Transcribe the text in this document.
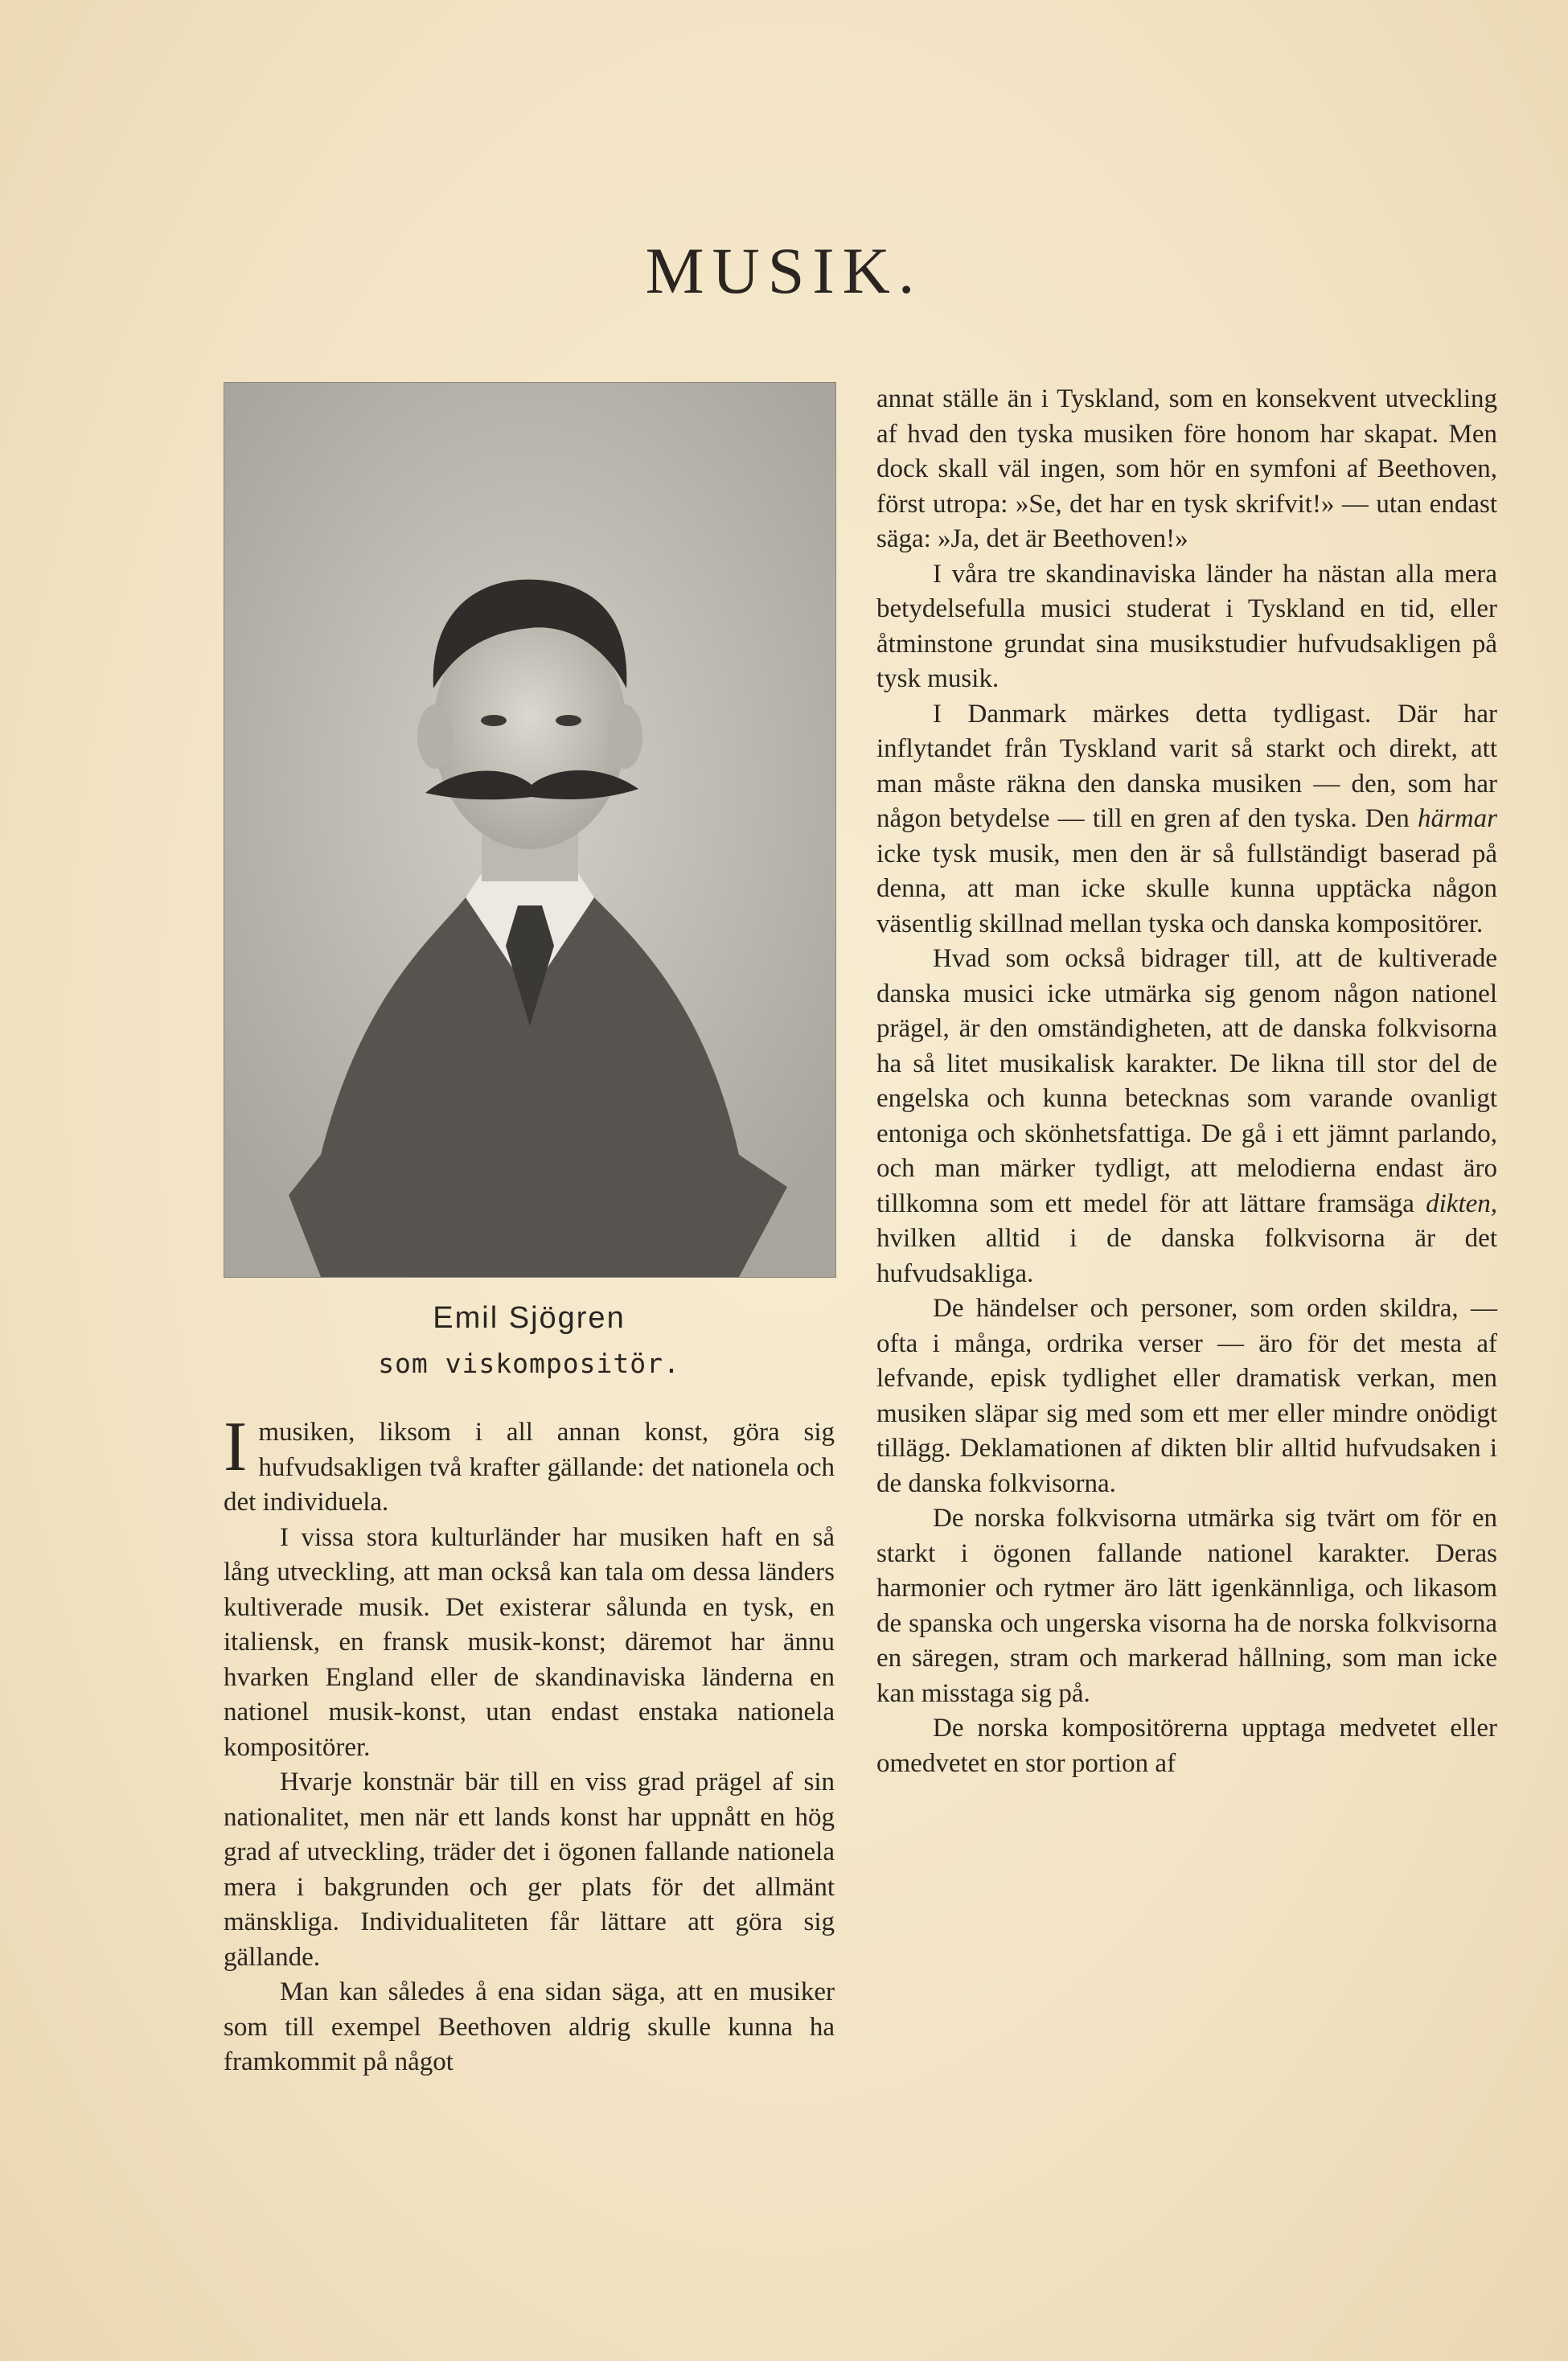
MUSIK.
Emil Sjögren
som viskompositör.

Imusiken, liksom i all annan konst, göra sig hufvudsakligen två krafter gällande: det nationela och det individuela.

I vissa stora kulturländer har musiken haft en så lång utveckling, att man också kan tala om dessa länders kultiverade musik. Det existerar sålunda en tysk, en italiensk, en fransk musik-konst; däremot har ännu hvarken England eller de skandinaviska länderna en nationel musik-konst, utan endast enstaka nationela kompositörer.

Hvarje konstnär bär till en viss grad prägel af sin nationalitet, men när ett lands konst har uppnått en hög grad af utveckling, träder det i ögonen fallande nationela mera i bakgrunden och ger plats för det allmänt mänskliga. Individualiteten får lättare att göra sig gällande.

Man kan således å ena sidan säga, att en musiker som till exempel Beethoven aldrig skulle kunna ha framkommit på något

annat ställe än i Tyskland, som en konsekvent utveckling af hvad den tyska musiken före honom har skapat. Men dock skall väl ingen, som hör en symfoni af Beethoven, först utropa: »Se, det har en tysk skrifvit!» — utan endast säga: »Ja, det är Beethoven!»

I våra tre skandinaviska länder ha nästan alla mera betydelsefulla musici studerat i Tyskland en tid, eller åtminstone grundat sina musikstudier hufvudsakligen på tysk musik.

I Danmark märkes detta tydligast. Där har inflytandet från Tyskland varit så starkt och direkt, att man måste räkna den danska musiken — den, som har någon betydelse — till en gren af den tyska. Den härmar icke tysk musik, men den är så fullständigt baserad på denna, att man icke skulle kunna upptäcka någon väsentlig skillnad mellan tyska och danska kompositörer.

Hvad som också bidrager till, att de kultiverade danska musici icke utmärka sig genom någon nationel prägel, är den omständigheten, att de danska folkvisorna ha så litet musikalisk karakter. De likna till stor del de engelska och kunna betecknas som varande ovanligt entoniga och skönhetsfattiga. De gå i ett jämnt parlando, och man märker tydligt, att melodierna endast äro tillkomna som ett medel för att lättare framsäga dikten, hvilken alltid i de danska folkvisorna är det hufvudsakliga.

De händelser och personer, som orden skildra, — ofta i många, ordrika verser — äro för det mesta af lefvande, episk tydlighet eller dramatisk verkan, men musiken släpar sig med som ett mer eller mindre onödigt tillägg. Deklamationen af dikten blir alltid hufvudsaken i de danska folkvisorna.

De norska folkvisorna utmärka sig tvärt om för en starkt i ögonen fallande nationel karakter. Deras harmonier och rytmer äro lätt igenkännliga, och likasom de spanska och ungerska visorna ha de norska folkvisorna en säregen, stram och markerad hållning, som man icke kan misstaga sig på.

De norska kompositörerna upptaga medvetet eller omedvetet en stor portion af
